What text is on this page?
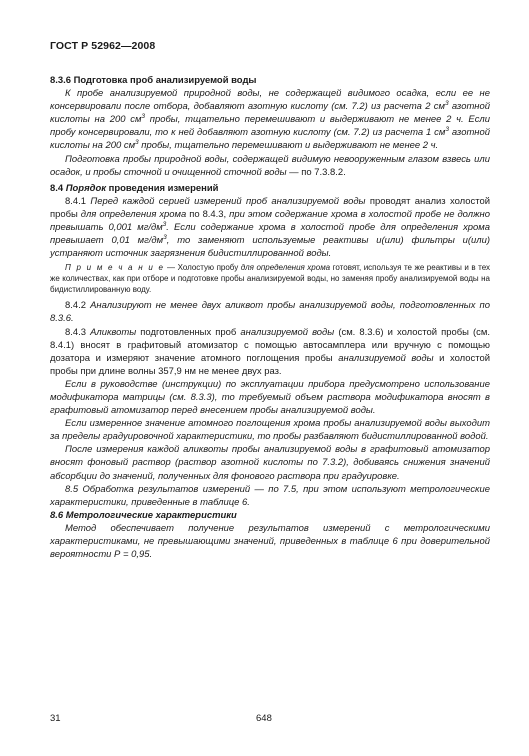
ГОСТ Р 52962—2008

8.3.6 Подготовка проб анализируемой воды

К пробе анализируемой природной воды, не содержащей видимого осадка, если ее не консервировали после отбора, добавляют азотную кислоту (см. 7.2) из расчета 2 $см^3$ азотной кислоты на 200 $см^3$ пробы, тщательно перемешивают и выдерживают не менее 2 ч. Если пробу консервировали, то к ней добавляют азотную кислоту (см. 7.2) из расчета 1 $см^3$ азотной кислоты на 200 $см^3$ пробы, тщательно перемешивают и выдерживают не менее 2 ч.

Подготовка пробы природной воды, содержащей видимую невооруженным глазом взвесь или осадок, и пробы сточной и очищенной сточной воды — по 7.3.8.2.

8.4 Порядок проведения измерений

8.4.1 Перед каждой серией измерений проб анализируемой воды проводят анализ холостой пробы для определения хрома по 8.4.3, при этом содержание хрома в холостой пробе не должно превышать 0,001 $мг/дм^3$. Если содержание хрома в холостой пробе для определения хрома превышает 0,01 $мг/дм^3$, то заменяют используемые реактивы и(или) фильтры и(или) устраняют источник загрязнения бидистиллированной воды.

П р и м е ч а н и е — Холостую пробу для определения хрома готовят, используя те же реактивы и в тех же количествах, как при отборе и подготовке пробы анализируемой воды, но заменяя пробу анализируемой воды на бидистиллированную воду.

8.4.2 Анализируют не менее двух аликвот пробы анализируемой воды, подготовленных по 8.3.6.

8.4.3 Аликвоты подготовленных проб анализируемой воды (см. 8.3.6) и холостой пробы (см. 8.4.1) вносят в графитовый атомизатор с помощью автосамплера или вручную с помощью дозатора и измеряют значение атомного поглощения пробы анализируемой воды и холостой пробы при длине волны 357,9 нм не менее двух раз.

Если в руководстве (инструкции) по эксплуатации прибора предусмотрено использование модификатора матрицы (см. 8.3.3), то требуемый объем раствора модификатора вносят в графитовый атомизатор перед внесением пробы анализируемой воды.

Если измеренное значение атомного поглощения хрома пробы анализируемой воды выходит за пределы градуировочной характеристики, то пробы разбавляют бидистиллированной водой.

После измерения каждой аликвоты пробы анализируемой воды в графитовый атомизатор вносят фоновый раствор (раствор азотной кислоты по 7.3.2), добиваясь снижения значений абсорбции до значений, полученных для фонового раствора при градуировке.

8.5 Обработка результатов измерений — по 7.5, при этом используют метрологические характеристики, приведенные в таблице 6.

8.6 Метрологические характеристики

Метод обеспечивает получение результатов измерений с метрологическими характеристиками, не превышающими значений, приведенных в таблице 6 при доверительной вероятности Р = 0,95.

31	648
